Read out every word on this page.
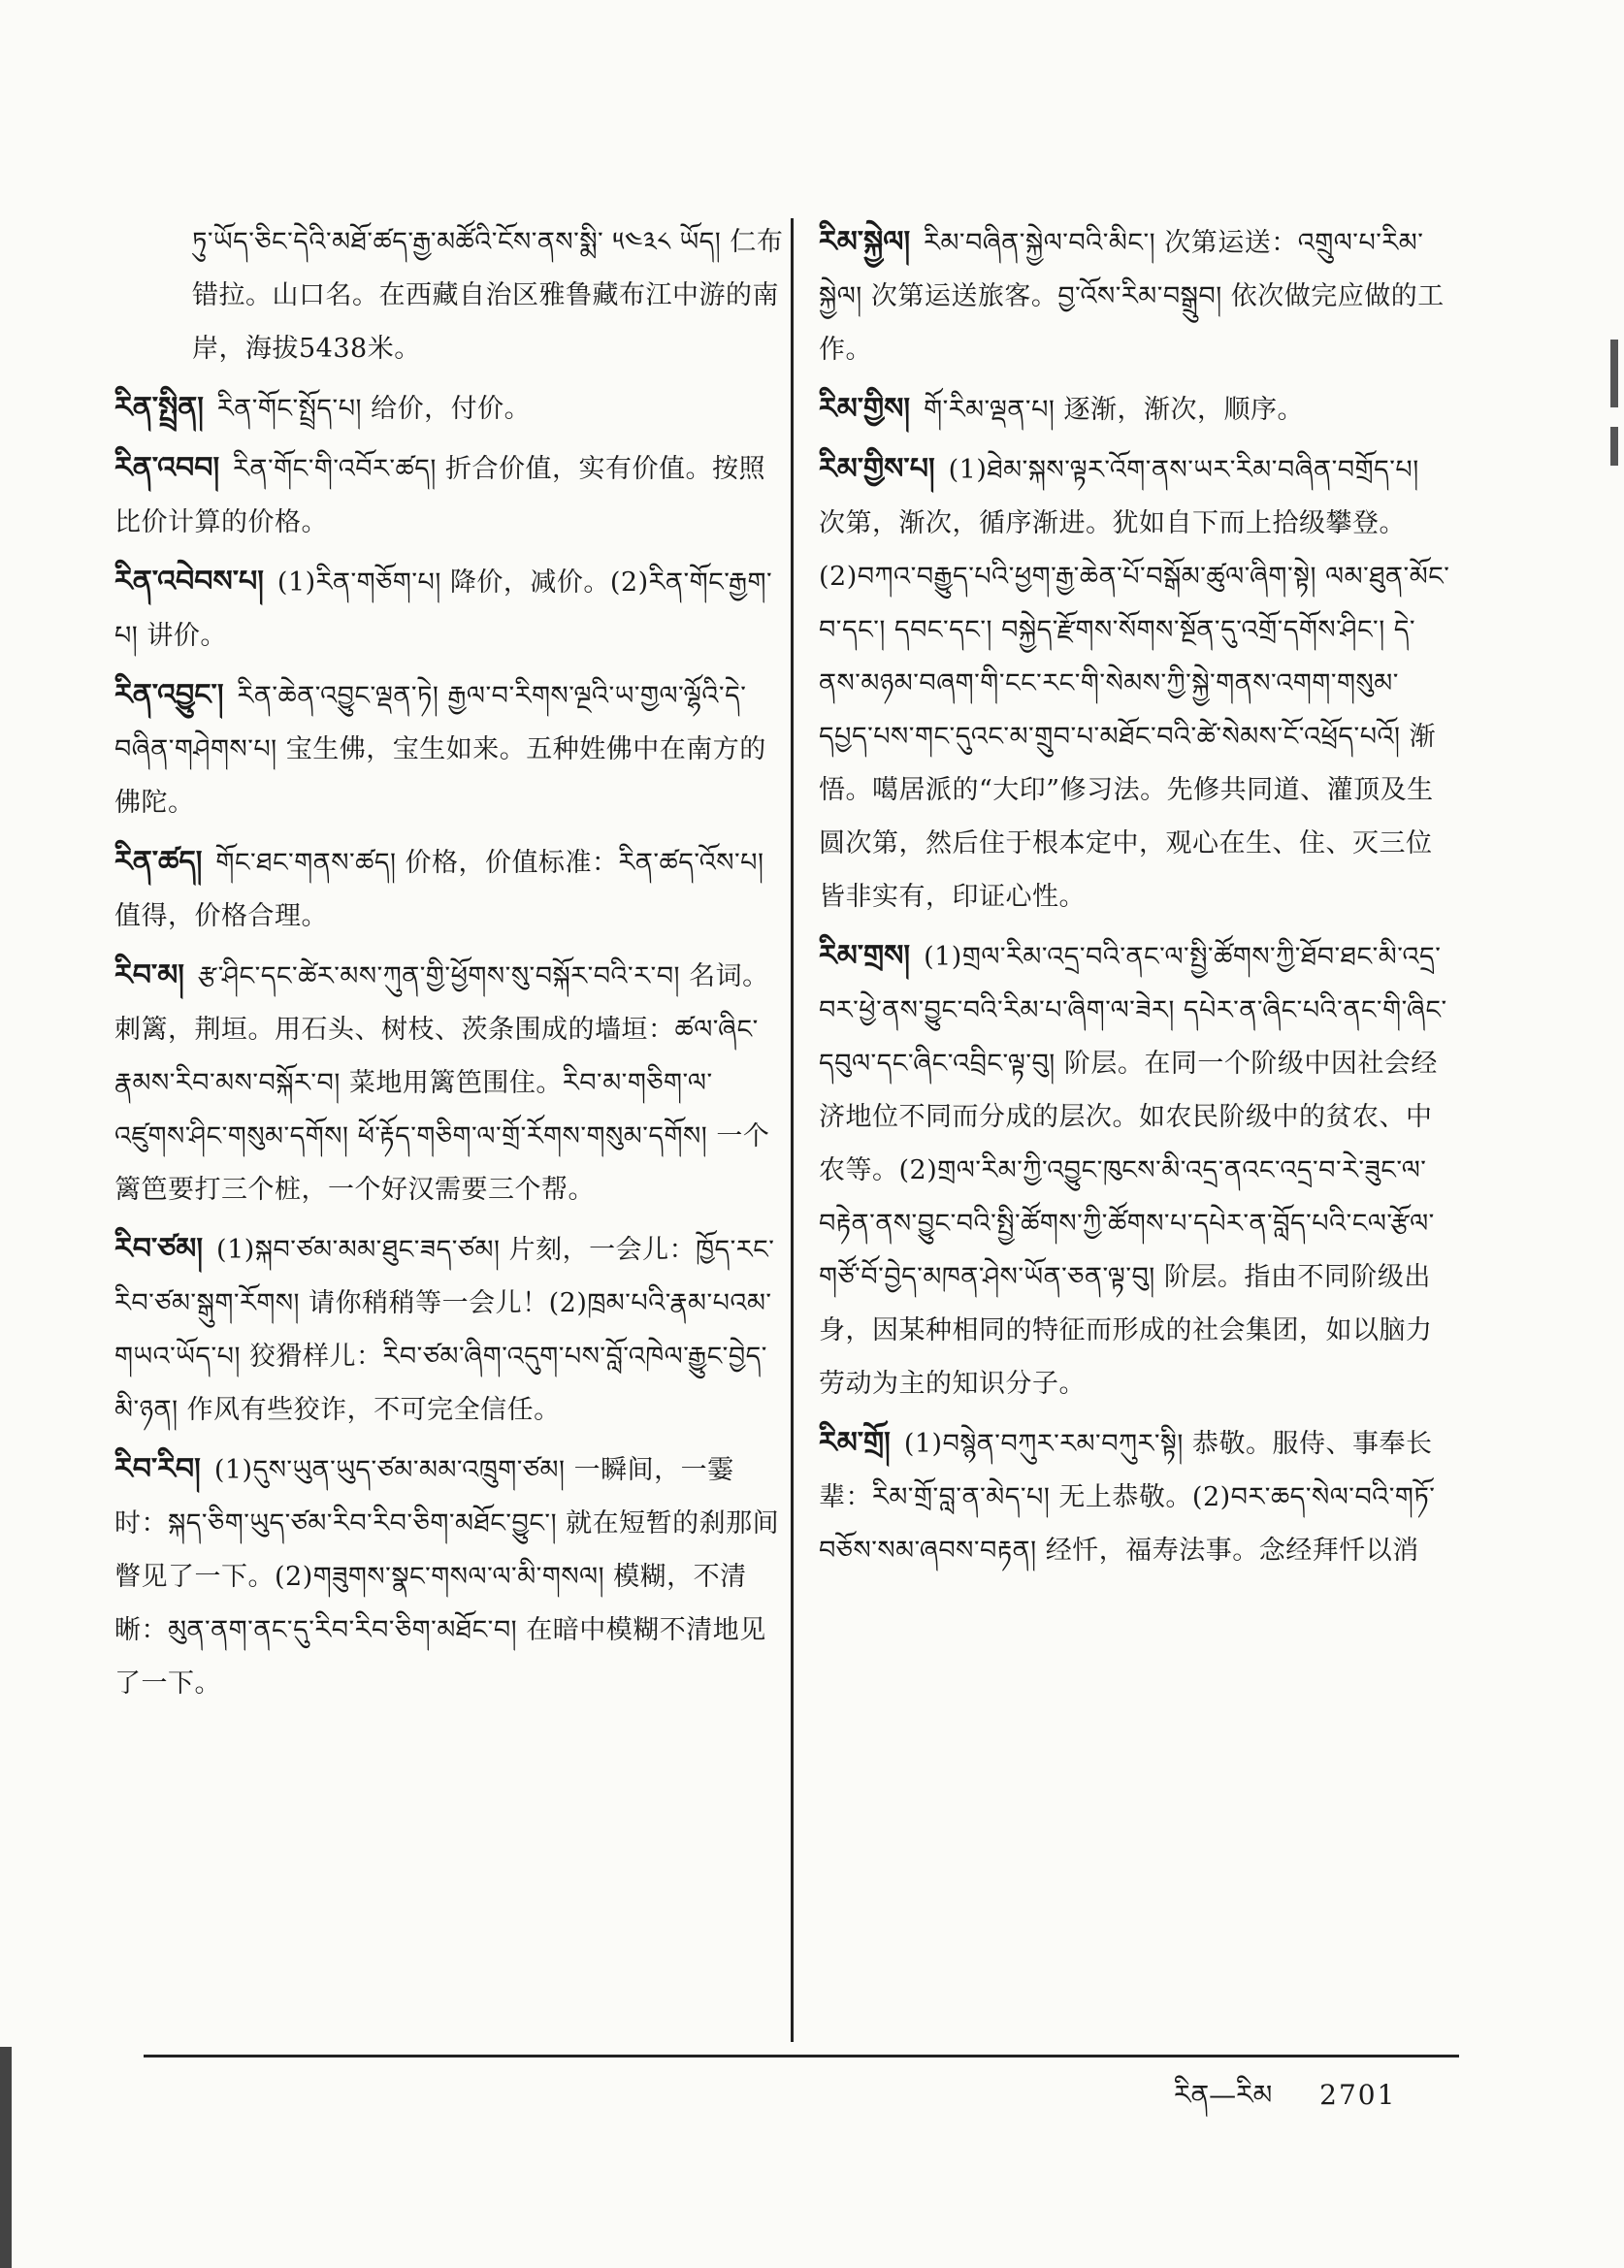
ཏུ་ཡོད་ཅིང་དེའི་མཐོ་ཚད་རྒྱ་མཚོའི་ངོས་ནས་སྨི་ ༥༤༣༨ ཡོད། 仁布错拉。山口名。在西藏自治区雅鲁藏布江中游的南岸，海拔5438米。

རིན་སྤྲིན། རིན་གོང་སྤྲོད་པ། 给价，付价。

རིན་འབབ། རིན་གོང་གི་འབོར་ཚད། 折合价值，实有价值。按照比价计算的价格。

རིན་འབེབས་པ། (1)རིན་གཅོག་པ། 降价，减价。(2)རིན་གོང་རྒྱག་པ། 讲价。

རིན་འབྱུང་། རིན་ཆེན་འབྱུང་ལྡན་ཏེ། རྒྱལ་བ་རིགས་ལྔའི་ཡ་གྱལ་ལྷོའི་དེ་བཞིན་གཤེགས་པ། 宝生佛，宝生如来。五种姓佛中在南方的佛陀。

རིན་ཚད། གོང་ཐང་གནས་ཚད། 价格，价值标准：རིན་ཚད་འོས་པ། 值得，价格合理。

རིབ་མ། རྩ་ཤིང་དང་ཚེར་མས་ཀུན་གྱི་ཕྱོགས་སུ་བསྐོར་བའི་ར་བ། 名词。刺篱，荆垣。用石头、树枝、茨条围成的墙垣：ཚལ་ཞིང་རྣམས་རིབ་མས་བསྐོར་བ། 菜地用篱笆围住。རིབ་མ་གཅིག་ལ་འཛུགས་ཤིང་གསུམ་དགོས། ཕོ་རྟོད་གཅིག་ལ་གྲོ་རོགས་གསུམ་དགོས། 一个篱笆要打三个桩，一个好汉需要三个帮。

རིབ་ཙམ། (1)སྐབ་ཙམ་མམ་ཐུང་ཟད་ཙམ། 片刻，一会儿：ཁྱོད་རང་རིབ་ཙམ་སྒུག་རོགས། 请你稍稍等一会儿！(2)ཁྲམ་པའི་རྣམ་པའམ་གཡའ་ཡོད་པ། 狡猾样儿：རིབ་ཙམ་ཞིག་འདུག་པས་བློ་འཁེལ་རྒྱུང་བྱེད་མི་ཉན། 作风有些狡诈，不可完全信任。

རིབ་རིབ། (1)དུས་ཡུན་ཡུད་ཙམ་མམ་འཁྲུག་ཙམ། 一瞬间，一霎时：སྐད་ཅིག་ཡུད་ཙམ་རིབ་རིབ་ཅིག་མཐོང་བྱུང་། 就在短暂的刹那间瞥见了一下。(2)གཟུགས་སྣང་གསལ་ལ་མི་གསལ། 模糊，不清晰：མུན་ནག་ནང་དུ་རིབ་རིབ་ཅིག་མཐོང་བ། 在暗中模糊不清地见了一下。

རིམ་སྐྱེལ། རིམ་བཞིན་སྐྱེལ་བའི་མིང་། 次第运送：འགྲུལ་པ་རིམ་སྐྱེལ། 次第运送旅客。བྱ་འོས་རིམ་བསྒྲུབ། 依次做完应做的工作。

རིམ་གྱིས། གོ་རིམ་ལྡན་པ། 逐渐，渐次，顺序。

རིམ་གྱིས་པ། (1)ཐེམ་སྐས་ལྟར་འོག་ནས་ཡར་རིམ་བཞིན་བགྲོད་པ། 次第，渐次，循序渐进。犹如自下而上拾级攀登。(2)བཀའ་བརྒྱུད་པའི་ཕྱག་རྒྱ་ཆེན་པོ་བསྒོམ་ཚུལ་ཞིག་སྟེ། ལམ་ཐུན་མོང་བ་དང་། དབང་དང་། བསྐྱེད་རྫོགས་སོགས་སྔོན་དུ་འགྲོ་དགོས་ཤིང་། དེ་ནས་མཉམ་བཞག་གི་ངང་རང་གི་སེམས་ཀྱི་སྐྱེ་གནས་འགག་གསུམ་དཔྱད་པས་གང་དུའང་མ་གྲུབ་པ་མཐོང་བའི་ཚེ་སེམས་ངོ་འཕྲོད་པའོ། 渐悟。噶居派的“大印”修习法。先修共同道、灌顶及生圆次第，然后住于根本定中，观心在生、住、灭三位皆非实有，印证心性。

རིམ་གྲས། (1)གྲལ་རིམ་འདྲ་བའི་ནང་ལ་སྤྱི་ཚོགས་ཀྱི་ཐོབ་ཐང་མི་འདྲ་བར་ཕྱེ་ནས་བྱུང་བའི་རིམ་པ་ཞིག་ལ་ཟེར། དཔེར་ན་ཞིང་པའི་ནང་གི་ཞིང་དབུལ་དང་ཞིང་འབྲིང་ལྟ་བུ། 阶层。在同一个阶级中因社会经济地位不同而分成的层次。如农民阶级中的贫农、中农等。(2)གྲལ་རིམ་ཀྱི་འབྱུང་ཁུངས་མི་འདྲ་ནའང་འདྲ་བ་རེ་ཟུང་ལ་བརྟེན་ནས་བྱུང་བའི་སྤྱི་ཚོགས་ཀྱི་ཚོགས་པ་དཔེར་ན་བློད་པའི་ངལ་རྩོལ་གཙོ་བོ་བྱེད་མཁན་ཤེས་ཡོན་ཅན་ལྟ་བུ། 阶层。指由不同阶级出身，因某种相同的特征而形成的社会集团，如以脑力劳动为主的知识分子。

རིམ་གྲོ། (1)བསྙེན་བཀུར་རམ་བཀུར་སྟི། 恭敬。服侍、事奉长辈：རིམ་གྲོ་བླ་ན་མེད་པ། 无上恭敬。(2)བར་ཆད་སེལ་བའི་གཏོ་བཅོས་སམ་ཞབས་བརྟན། 经忏，福寿法事。念经拜忏以消

རིན—རིམ 2701
